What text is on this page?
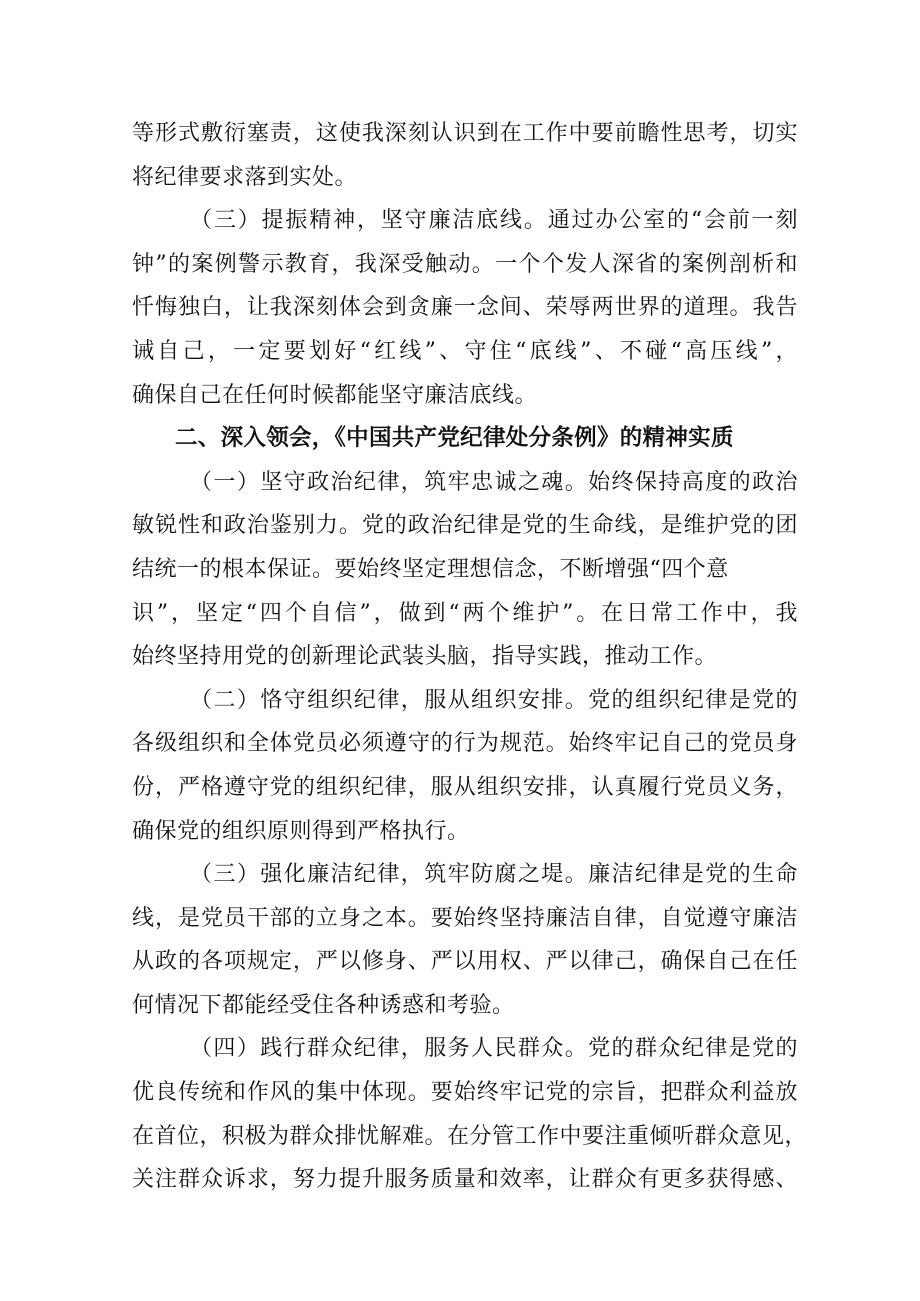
等形式敷衍塞责，这使我深刻认识到在工作中要前瞻性思考，切实
将纪律要求落到实处。
（三）提振精神，坚守廉洁底线。通过办公室的“会前一刻
钟”的案例警示教育，我深受触动。一个个发人深省的案例剖析和
忏悔独白，让我深刻体会到贪廉一念间、荣辱两世界的道理。我告
诫自己，一定要划好“红线”、守住“底线”、不碰“高压线”，
确保自己在任何时候都能坚守廉洁底线。
二、深入领会，《中国共产党纪律处分条例》的精神实质
（一）坚守政治纪律，筑牢忠诚之魂。始终保持高度的政治
敏锐性和政治鉴别力。党的政治纪律是党的生命线，是维护党的团
结统一的根本保证。要始终坚定理想信念，不断增强“四个意
识”，坚定“四个自信”，做到“两个维护”。在日常工作中，我
始终坚持用党的创新理论武装头脑，指导实践，推动工作。
（二）恪守组织纪律，服从组织安排。党的组织纪律是党的
各级组织和全体党员必须遵守的行为规范。始终牢记自己的党员身
份，严格遵守党的组织纪律，服从组织安排，认真履行党员义务，
确保党的组织原则得到严格执行。
（三）强化廉洁纪律，筑牢防腐之堤。廉洁纪律是党的生命
线，是党员干部的立身之本。要始终坚持廉洁自律，自觉遵守廉洁
从政的各项规定，严以修身、严以用权、严以律己，确保自己在任
何情况下都能经受住各种诱惑和考验。
（四）践行群众纪律，服务人民群众。党的群众纪律是党的
优良传统和作风的集中体现。要始终牢记党的宗旨，把群众利益放
在首位，积极为群众排忧解难。在分管工作中要注重倾听群众意见，
关注群众诉求，努力提升服务质量和效率，让群众有更多获得感、
